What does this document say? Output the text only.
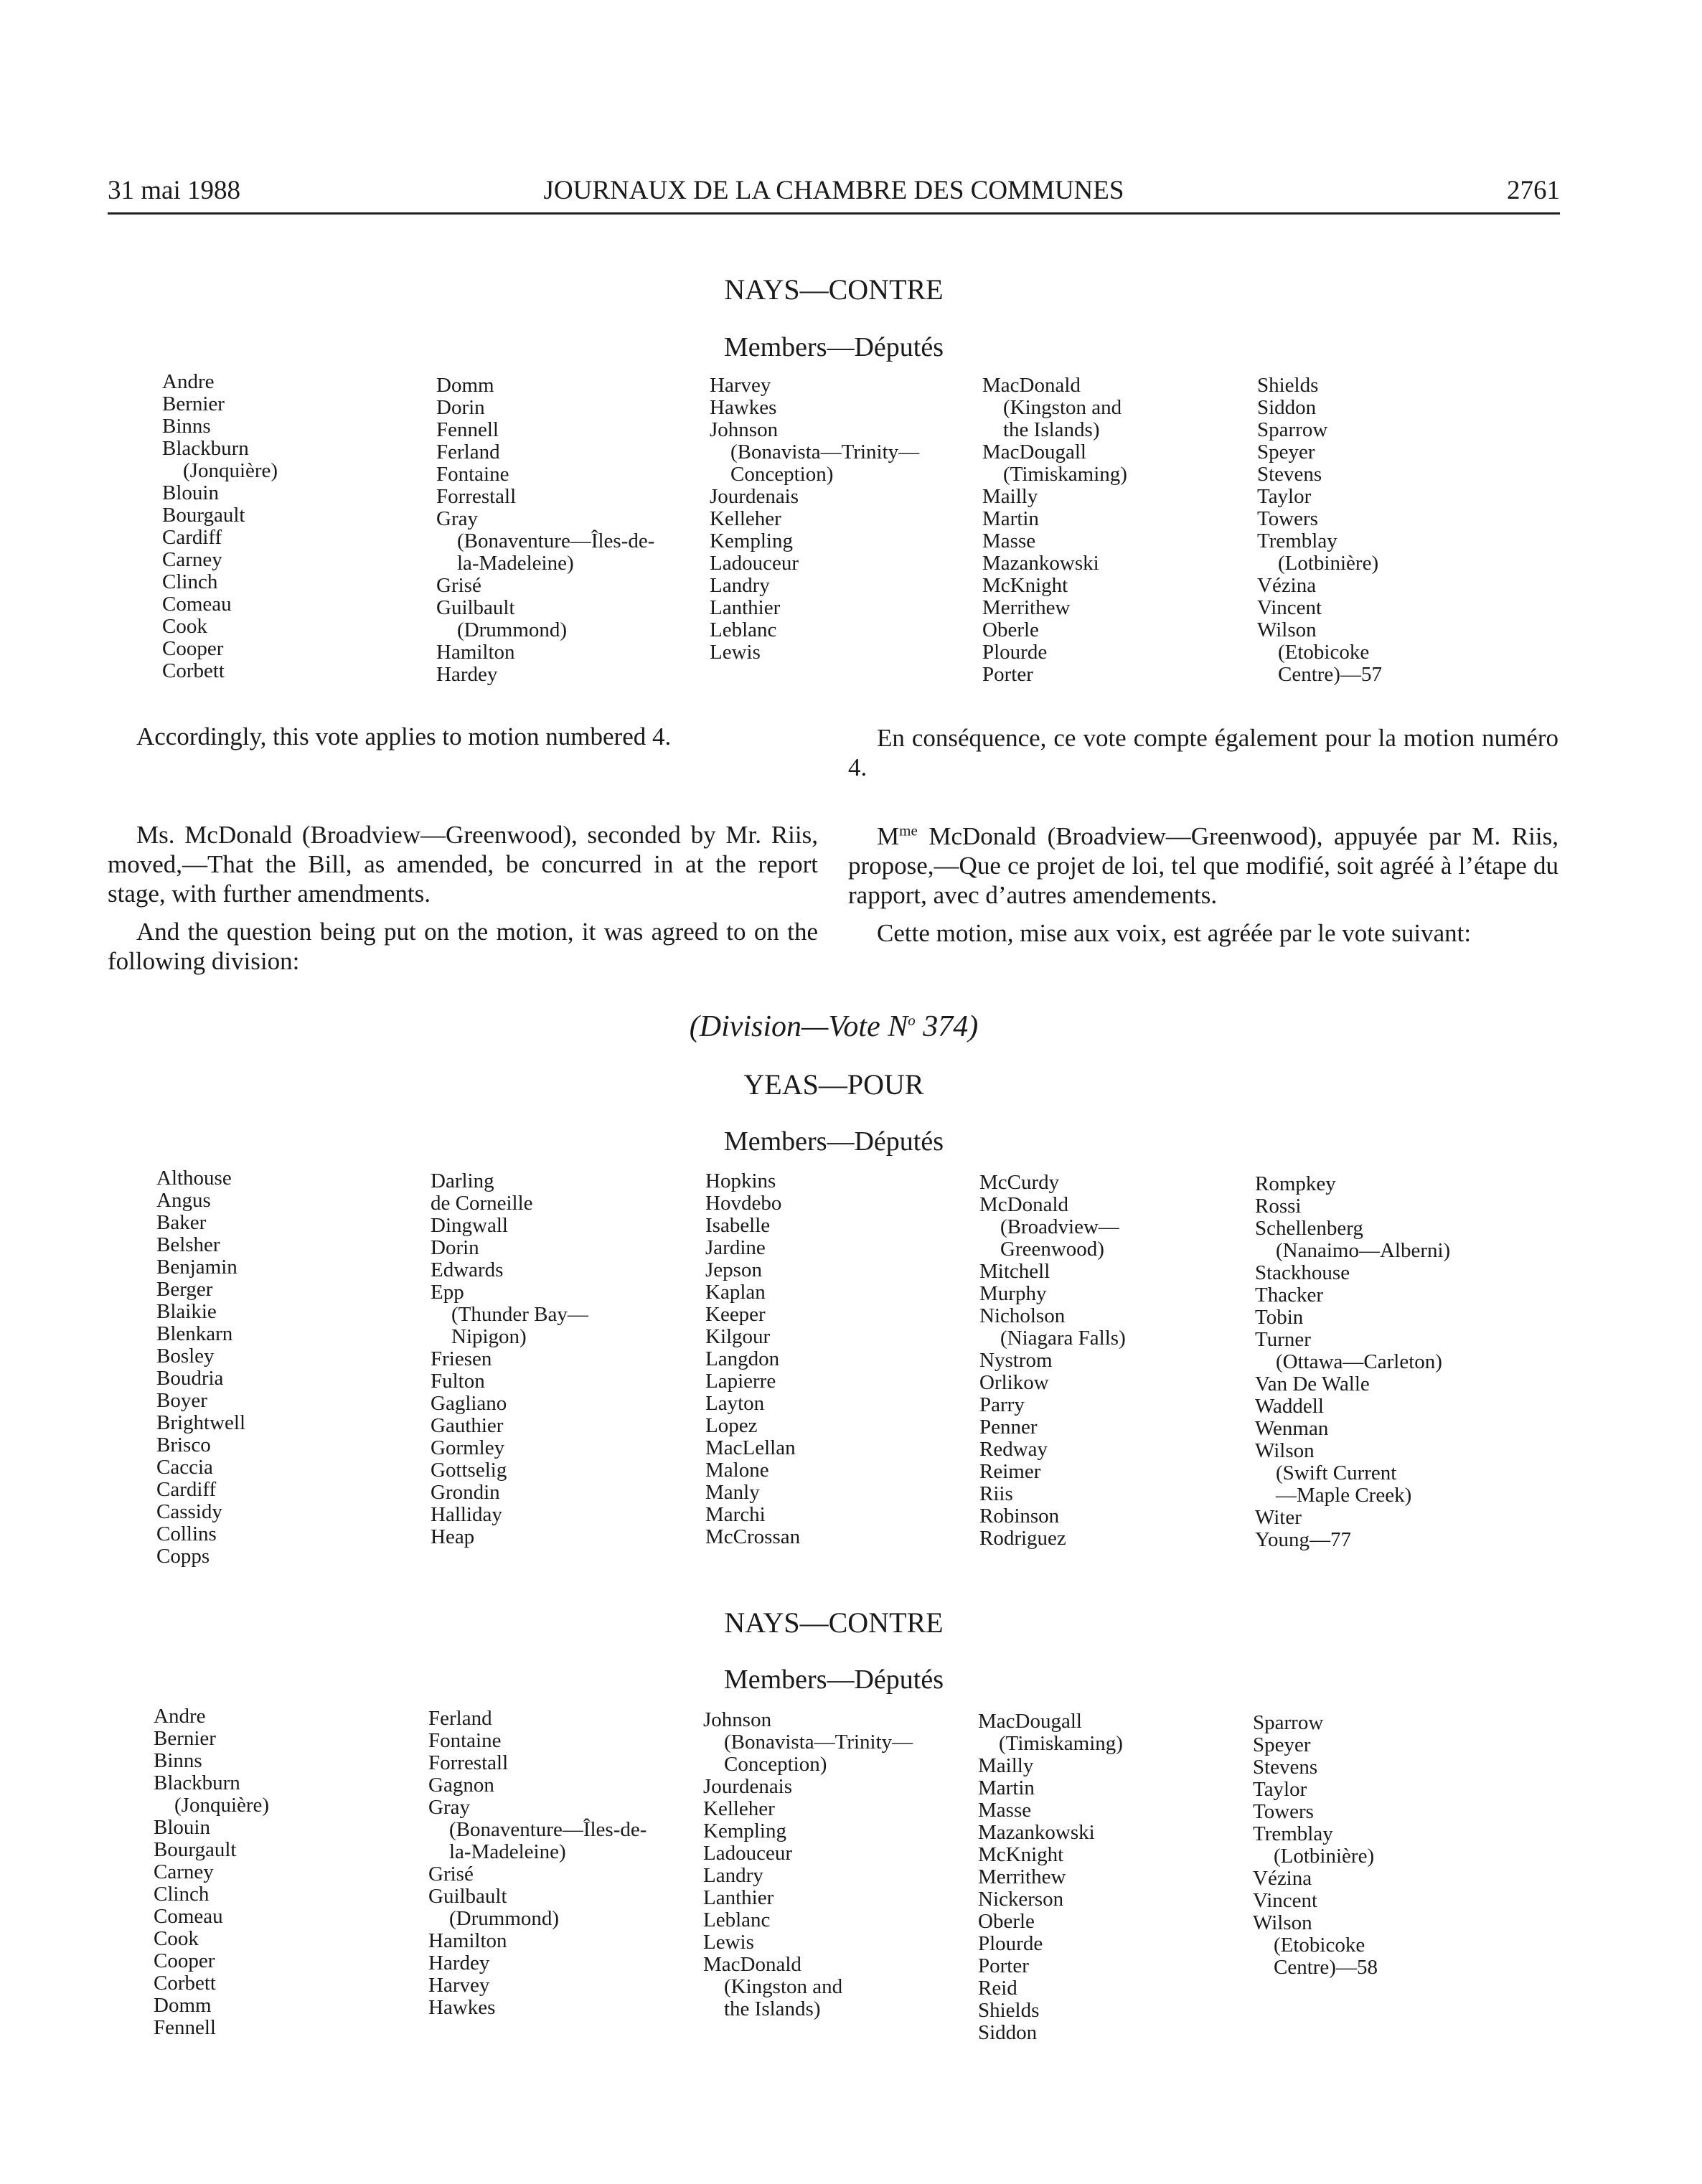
31 mai 1988	JOURNAUX DE LA CHAMBRE DES COMMUNES	2761
NAYS—CONTRE
Members—Députés
Andre
Bernier
Binns
Blackburn
(Jonquière)
Blouin
Bourgault
Cardiff
Carney
Clinch
Comeau
Cook
Cooper
Corbett
Domm
Dorin
Fennell
Ferland
Fontaine
Forrestall
Gray
(Bonaventure—Îles-de-
la-Madeleine)
Grisé
Guilbault
(Drummond)
Hamilton
Hardey
Harvey
Hawkes
Johnson
(Bonavista—Trinity—
Conception)
Jourdenais
Kelleher
Kempling
Ladouceur
Landry
Lanthier
Leblanc
Lewis
MacDonald
(Kingston and
the Islands)
MacDougall
(Timiskaming)
Mailly
Martin
Masse
Mazankowski
McKnight
Merrithew
Oberle
Plourde
Porter
Shields
Siddon
Sparrow
Speyer
Stevens
Taylor
Towers
Tremblay
(Lotbinière)
Vézina
Vincent
Wilson
(Etobicoke
Centre)—57

Accordingly, this vote applies to motion numbered 4.	En conséquence, ce vote compte également pour la motion numéro 4.

Ms. McDonald (Broadview—Greenwood), seconded by Mr. Riis, moved,—That the Bill, as amended, be concurred in at the report stage, with further amendments.

And the question being put on the motion, it was agreed to on the following division:

$M^{me}$ McDonald (Broadview—Greenwood), appuyée par M. Riis, propose,—Que ce projet de loi, tel que modifié, soit agréé à l’étape du rapport, avec d’autres amendements.

Cette motion, mise aux voix, est agréée par le vote suivant:

(Division—Vote $N^o$ 374)
YEAS—POUR
Members—Députés
Althouse
Angus
Baker
Belsher
Benjamin
Berger
Blaikie
Blenkarn
Bosley
Boudria
Boyer
Brightwell
Brisco
Caccia
Cardiff
Cassidy
Collins
Copps
Darling
de Corneille
Dingwall
Dorin
Edwards
Epp
(Thunder Bay—
Nipigon)
Friesen
Fulton
Gagliano
Gauthier
Gormley
Gottselig
Grondin
Halliday
Heap
Hopkins
Hovdebo
Isabelle
Jardine
Jepson
Kaplan
Keeper
Kilgour
Langdon
Lapierre
Layton
Lopez
MacLellan
Malone
Manly
Marchi
McCrossan
McCurdy
McDonald
(Broadview—
Greenwood)
Mitchell
Murphy
Nicholson
(Niagara Falls)
Nystrom
Orlikow
Parry
Penner
Redway
Reimer
Riis
Robinson
Rodriguez
Rompkey
Rossi
Schellenberg
(Nanaimo—Alberni)
Stackhouse
Thacker
Tobin
Turner
(Ottawa—Carleton)
Van De Walle
Waddell
Wenman
Wilson
(Swift Current
—Maple Creek)
Witer
Young—77
NAYS—CONTRE
Members—Députés
Andre
Bernier
Binns
Blackburn
(Jonquière)
Blouin
Bourgault
Carney
Clinch
Comeau
Cook
Cooper
Corbett
Domm
Fennell
Ferland
Fontaine
Forrestall
Gagnon
Gray
(Bonaventure—Îles-de-
la-Madeleine)
Grisé
Guilbault
(Drummond)
Hamilton
Hardey
Harvey
Hawkes
Johnson
(Bonavista—Trinity—
Conception)
Jourdenais
Kelleher
Kempling
Ladouceur
Landry
Lanthier
Leblanc
Lewis
MacDonald
(Kingston and
the Islands)
MacDougall
(Timiskaming)
Mailly
Martin
Masse
Mazankowski
McKnight
Merrithew
Nickerson
Oberle
Plourde
Porter
Reid
Shields
Siddon
Sparrow
Speyer
Stevens
Taylor
Towers
Tremblay
(Lotbinière)
Vézina
Vincent
Wilson
(Etobicoke
Centre)—58
